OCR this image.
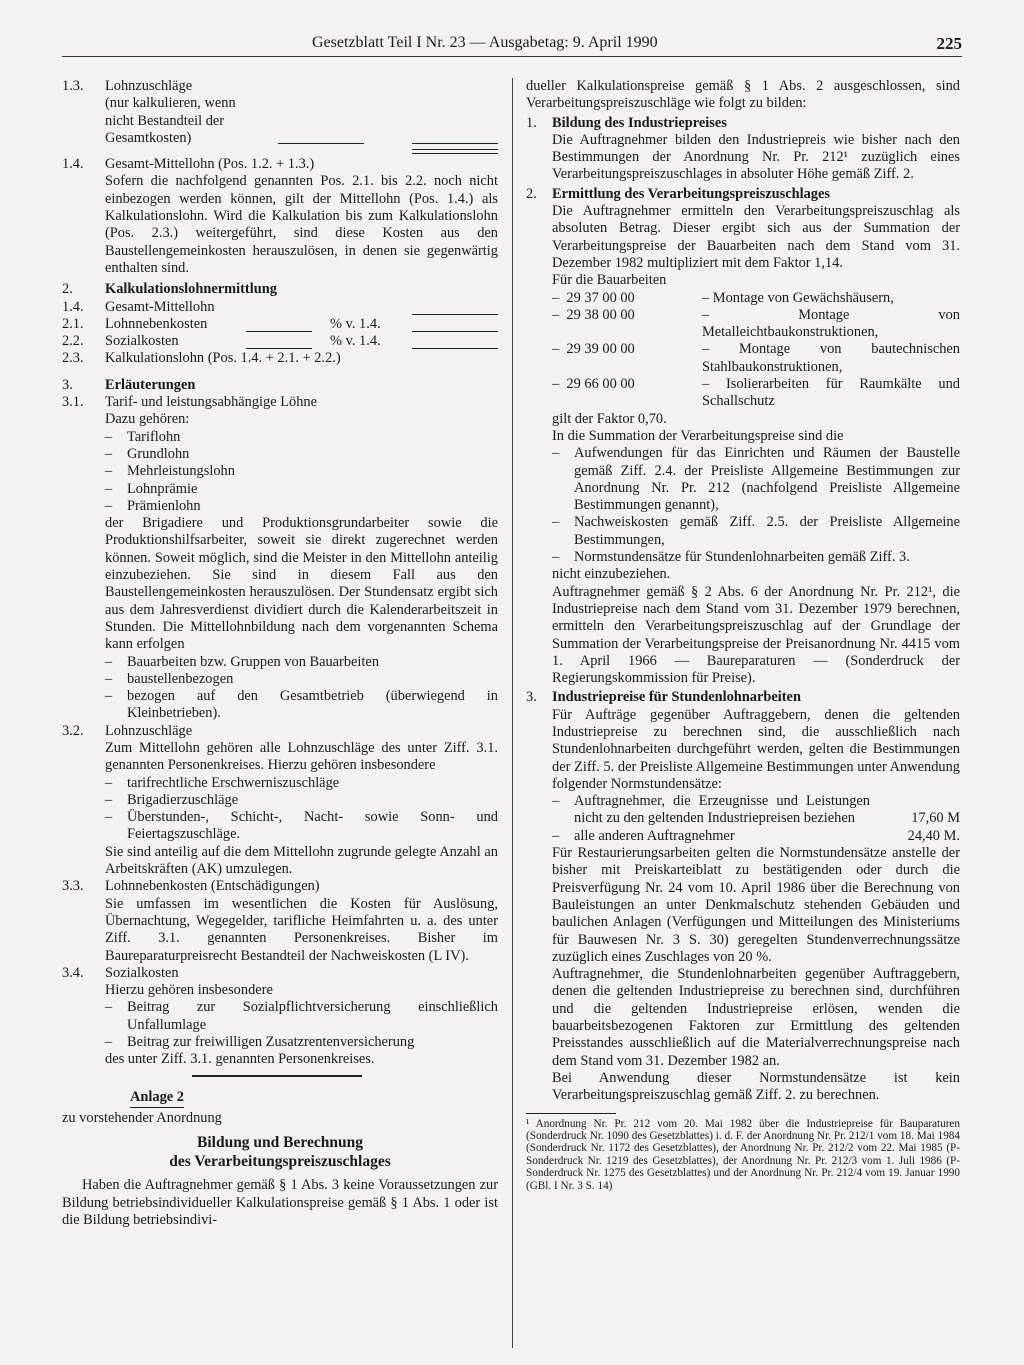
Gesetzblatt Teil I Nr. 23 — Ausgabetag: 9. April 1990	225
1.3. Lohnzuschläge
(nur kalkulieren, wenn
nicht Bestandteil der
Gesamtkosten)
1.4. Gesamt-Mittellohn (Pos. 1.2. + 1.3.)
Sofern die nachfolgend genannten Pos. 2.1. bis 2.2. noch nicht einbezogen werden können, gilt der Mittellohn (Pos. 1.4.) als Kalkulationslohn. Wird die Kalkulation bis zum Kalkulationslohn (Pos. 2.3.) weitergeführt, sind diese Kosten aus den Baustellengemeinkosten herauszulösen, in denen sie gegenwärtig enthalten sind.
2. Kalkulationslohnermittlung
1.4. Gesamt-Mittellohn
2.1. Lohnnebenkosten	% v. 1.4.
2.2. Sozialkosten	% v. 1.4.
2.3. Kalkulationslohn (Pos. 1.4. + 2.1. + 2.2.)
3. Erläuterungen
3.1. Tarif- und leistungsabhängige Löhne
Dazu gehören:
– Tariflohn
– Grundlohn
– Mehrleistungslohn
– Lohnprämie
– Prämienlohn
der Brigadiere und Produktionsgrundarbeiter sowie die Produktionshilfsarbeiter, soweit sie direkt zugerechnet werden können. Soweit möglich, sind die Meister in den Mittellohn anteilig einzubeziehen. Sie sind in diesem Fall aus den Baustellengemeinkosten herauszulösen. Der Stundensatz ergibt sich aus dem Jahresverdienst dividiert durch die Kalenderarbeitszeit in Stunden. Die Mittellohnbildung nach dem vorgenannten Schema kann erfolgen
– Bauarbeiten bzw. Gruppen von Bauarbeiten
– baustellenbezogen
– bezogen auf den Gesamtbetrieb (überwiegend in Kleinbetrieben).
3.2. Lohnzuschläge
Zum Mittellohn gehören alle Lohnzuschläge des unter Ziff. 3.1. genannten Personenkreises. Hierzu gehören insbesondere
– tarifrechtliche Erschwerniszuschläge
– Brigadierzuschläge
– Überstunden-, Schicht-, Nacht- sowie Sonn- und Feiertagszuschläge.
Sie sind anteilig auf die dem Mittellohn zugrunde gelegte Anzahl an Arbeitskräften (AK) umzulegen.
3.3. Lohnnebenkosten (Entschädigungen)
Sie umfassen im wesentlichen die Kosten für Auslösung, Übernachtung, Wegegelder, tarifliche Heimfahrten u. a. des unter Ziff. 3.1. genannten Personenkreises. Bisher im Baureparaturpreisrecht Bestandteil der Nachweiskosten (L IV).
3.4. Sozialkosten
Hierzu gehören insbesondere
– Beitrag zur Sozialpflichtversicherung einschließlich Unfallumlage
– Beitrag zur freiwilligen Zusatzrentenversicherung
des unter Ziff. 3.1. genannten Personenkreises.
Anlage 2
zu vorstehender Anordnung
Bildung und Berechnung
des Verarbeitungspreiszuschlages
Haben die Auftragnehmer gemäß § 1 Abs. 3 keine Voraussetzungen zur Bildung betriebsindividueller Kalkulationspreise gemäß § 1 Abs. 1 oder ist die Bildung betriebsindivi-
dueller Kalkulationspreise gemäß § 1 Abs. 2 ausgeschlossen, sind Verarbeitungspreiszuschläge wie folgt zu bilden:
1. Bildung des Industriepreises
Die Auftragnehmer bilden den Industriepreis wie bisher nach den Bestimmungen der Anordnung Nr. Pr. 212¹ zuzüglich eines Verarbeitungspreiszuschlages in absoluter Höhe gemäß Ziff. 2.
2. Ermittlung des Verarbeitungspreiszuschlages
Die Auftragnehmer ermitteln den Verarbeitungspreiszuschlag als absoluten Betrag. Dieser ergibt sich aus der Summation der Verarbeitungspreise der Bauarbeiten nach dem Stand vom 31. Dezember 1982 multipliziert mit dem Faktor 1,14.
Für die Bauarbeiten
–  29 37 00 00	– Montage von Gewächshäusern,
–  29 38 00 00	– Montage von Metalleichtbaukonstruktionen,
–  29 39 00 00	– Montage von bautechnischen Stahlbaukonstruktionen,
–  29 66 00 00	– Isolierarbeiten für Raumkälte und Schallschutz
gilt der Faktor 0,70.
In die Summation der Verarbeitungspreise sind die
– Aufwendungen für das Einrichten und Räumen der Baustelle gemäß Ziff. 2.4. der Preisliste Allgemeine Bestimmungen zur Anordnung Nr. Pr. 212 (nachfolgend Preisliste Allgemeine Bestimmungen genannt),
– Nachweiskosten gemäß Ziff. 2.5. der Preisliste Allgemeine Bestimmungen,
– Normstundensätze für Stundenlohnarbeiten gemäß Ziff. 3.
nicht einzubeziehen.
Auftragnehmer gemäß § 2 Abs. 6 der Anordnung Nr. Pr. 212¹, die Industriepreise nach dem Stand vom 31. Dezember 1979 berechnen, ermitteln den Verarbeitungspreiszuschlag auf der Grundlage der Summation der Verarbeitungspreise der Preisanordnung Nr. 4415 vom 1. April 1966 — Baureparaturen — (Sonderdruck der Regierungskommission für Preise).
3. Industriepreise für Stundenlohnarbeiten
Für Aufträge gegenüber Auftraggebern, denen die geltenden Industriepreise zu berechnen sind, die ausschließlich nach Stundenlohnarbeiten durchgeführt werden, gelten die Bestimmungen der Ziff. 5. der Preisliste Allgemeine Bestimmungen unter Anwendung folgender Normstundensätze:
– Auftragnehmer, die Erzeugnisse und Leistungen nicht zu den geltenden Industriepreisen beziehen	17,60 M
– alle anderen Auftragnehmer	24,40 M.
Für Restaurierungsarbeiten gelten die Normstundensätze anstelle der bisher mit Preiskarteiblatt zu bestätigenden oder durch die Preisverfügung Nr. 24 vom 10. April 1986 über die Berechnung von Bauleistungen an unter Denkmalschutz stehenden Gebäuden und baulichen Anlagen (Verfügungen und Mitteilungen des Ministeriums für Bauwesen Nr. 3 S. 30) geregelten Stundenverrechnungssätze zuzüglich eines Zuschlages von 20 %.
Auftragnehmer, die Stundenlohnarbeiten gegenüber Auftraggebern, denen die geltenden Industriepreise zu berechnen sind, durchführen und die geltenden Industriepreise erlösen, wenden die bauarbeitsbezogenen Faktoren zur Ermittlung des geltenden Preisstandes ausschließlich auf die Materialverrechnungspreise nach dem Stand vom 31. Dezember 1982 an.
Bei Anwendung dieser Normstundensätze ist kein Verarbeitungspreiszuschlag gemäß Ziff. 2. zu berechnen.
¹ Anordnung Nr. Pr. 212 vom 20. Mai 1982 über die Industriepreise für Bauparaturen (Sonderdruck Nr. 1090 des Gesetzblattes) i. d. F. der Anordnung Nr. Pr. 212/1 vom 18. Mai 1984 (Sonderdruck Nr. 1172 des Gesetzblattes), der Anordnung Nr. Pr. 212/2 vom 22. Mai 1985 (P-Sonderdruck Nr. 1219 des Gesetzblattes), der Anordnung Nr. Pr. 212/3 vom 1. Juli 1986 (P-Sonderdruck Nr. 1275 des Gesetzblattes) und der Anordnung Nr. Pr. 212/4 vom 19. Januar 1990 (GBl. I Nr. 3 S. 14)
